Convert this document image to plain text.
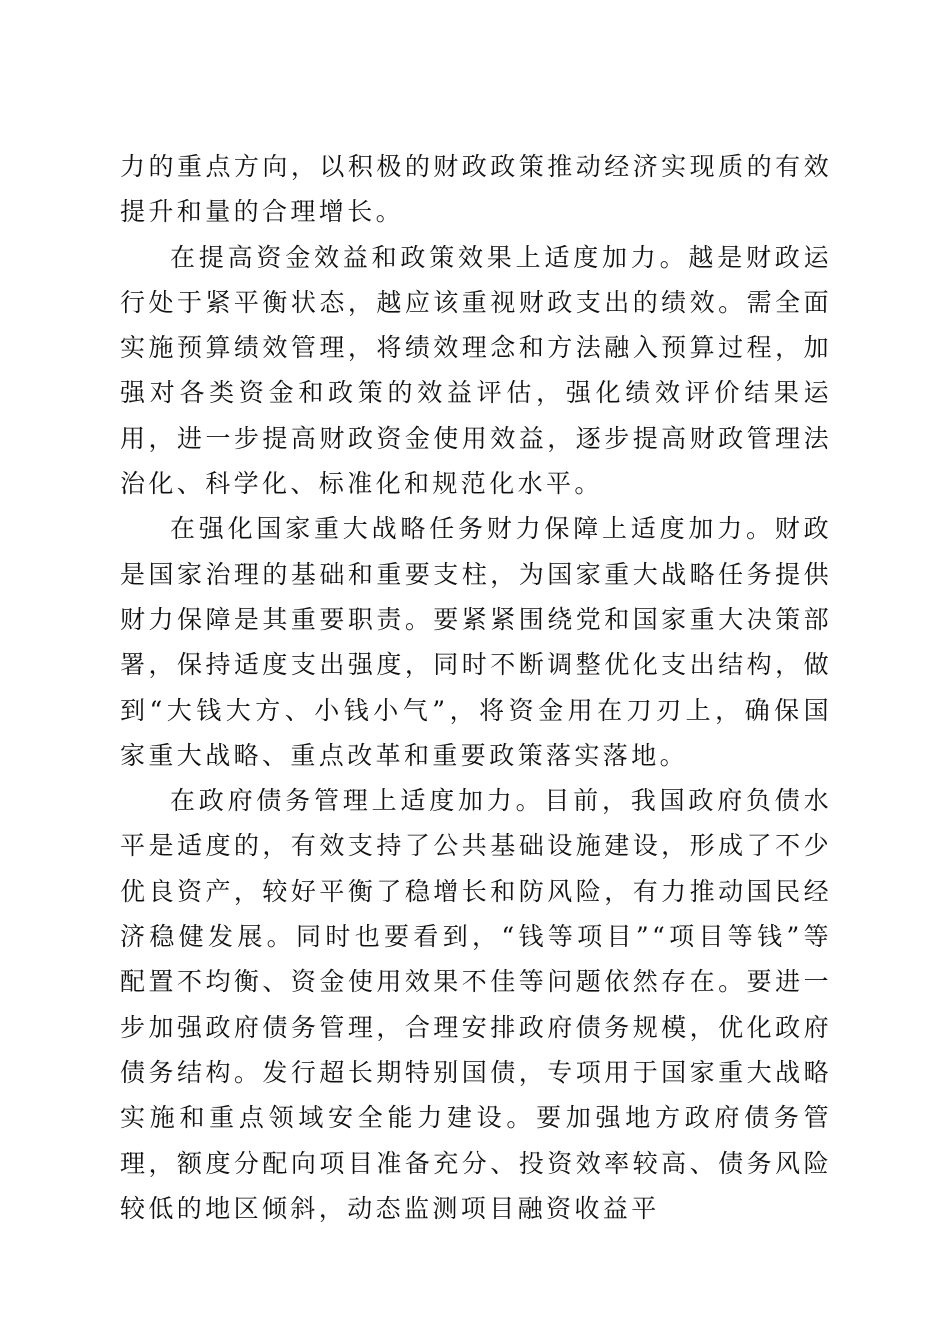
力的重点方向，以积极的财政政策推动经济实现质的有效提升和量的合理增长。

在提高资金效益和政策效果上适度加力。越是财政运行处于紧平衡状态，越应该重视财政支出的绩效。需全面实施预算绩效管理，将绩效理念和方法融入预算过程，加强对各类资金和政策的效益评估，强化绩效评价结果运用，进一步提高财政资金使用效益，逐步提高财政管理法治化、科学化、标准化和规范化水平。

在强化国家重大战略任务财力保障上适度加力。财政是国家治理的基础和重要支柱，为国家重大战略任务提供财力保障是其重要职责。要紧紧围绕党和国家重大决策部署，保持适度支出强度，同时不断调整优化支出结构，做到“大钱大方、小钱小气”，将资金用在刀刃上，确保国家重大战略、重点改革和重要政策落实落地。

在政府债务管理上适度加力。目前，我国政府负债水平是适度的，有效支持了公共基础设施建设，形成了不少优良资产，较好平衡了稳增长和防风险，有力推动国民经济稳健发展。同时也要看到，“钱等项目”“项目等钱”等配置不均衡、资金使用效果不佳等问题依然存在。要进一步加强政府债务管理，合理安排政府债务规模，优化政府债务结构。发行超长期特别国债，专项用于国家重大战略实施和重点领域安全能力建设。要加强地方政府债务管理，额度分配向项目准备充分、投资效率较高、债务风险较低的地区倾斜，动态监测项目融资收益平
